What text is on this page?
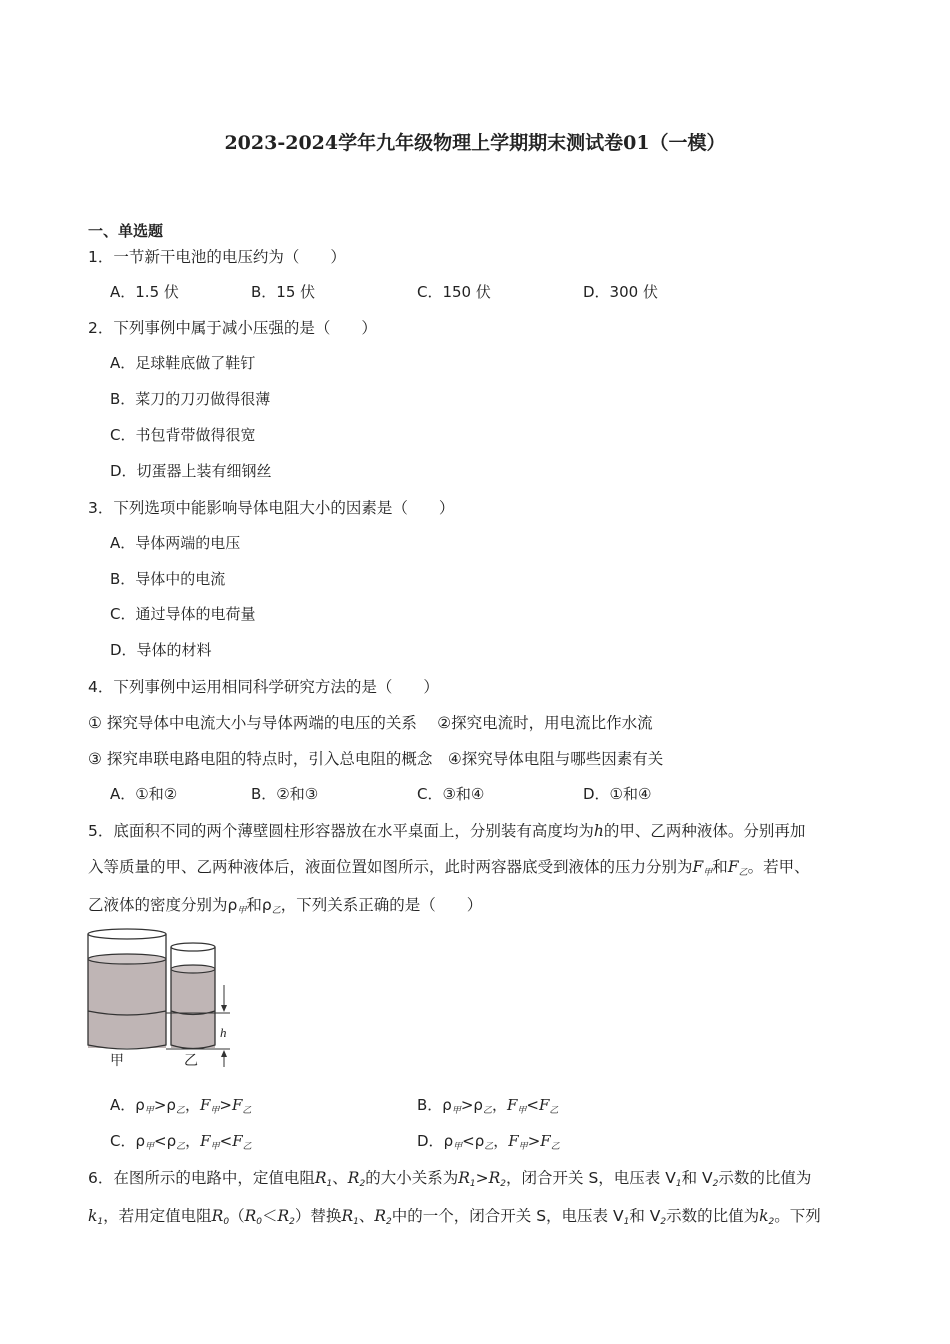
2023-2024学年九年级物理上学期期末测试卷01（一模）
一、单选题
1．一节新干电池的电压约为（　　）
A．1.5 伏	B．15 伏	C．150 伏	D．300 伏
2．下列事例中属于减小压强的是（　　）
A．足球鞋底做了鞋钉
B．菜刀的刀刃做得很薄
C．书包背带做得很宽
D．切蛋器上装有细钢丝
3．下列选项中能影响导体电阻大小的因素是（　　）
A．导体两端的电压
B．导体中的电流
C．通过导体的电荷量
D．导体的材料
4．下列事例中运用相同科学研究方法的是（　　）
① 探究导体中电流大小与导体两端的电压的关系　 ②探究电流时，用电流比作水流
③ 探究串联电路电阻的特点时，引入总电阻的概念　④探究导体电阻与哪些因素有关
A．①和②	B．②和③	C．③和④	D．①和④
5．底面积不同的两个薄壁圆柱形容器放在水平桌面上，分别装有高度均为h的甲、乙两种液体。分别再加
入等质量的甲、乙两种液体后，液面位置如图所示，此时两容器底受到液体的压力分别为$F_甲$和$F_乙$。若甲、
乙液体的密度分别为$\rho_甲$和$\rho_乙$，下列关系正确的是（　　）
h
甲	乙
A．$\rho_甲>\rho_乙$，$F_甲>F_乙$	B．$\rho_甲>\rho_乙$，$F_甲<F_乙$
C．$\rho_甲<\rho_乙$，$F_甲<F_乙$	D．$\rho_甲<\rho_乙$，$F_甲>F_乙$
6．在图所示的电路中，定值电阻$R_1$、$R_2$的大小关系为$R_1>R_2$，闭合开关 S，电压表 $V_1$和 $V_2$示数的比值为
$k_1$，若用定值电阻$R_0(R_0<R_2)$替换$R_1$、$R_2$中的一个，闭合开关 S，电压表 $V_1$和 $V_2$示数的比值为$k_2$。下列
